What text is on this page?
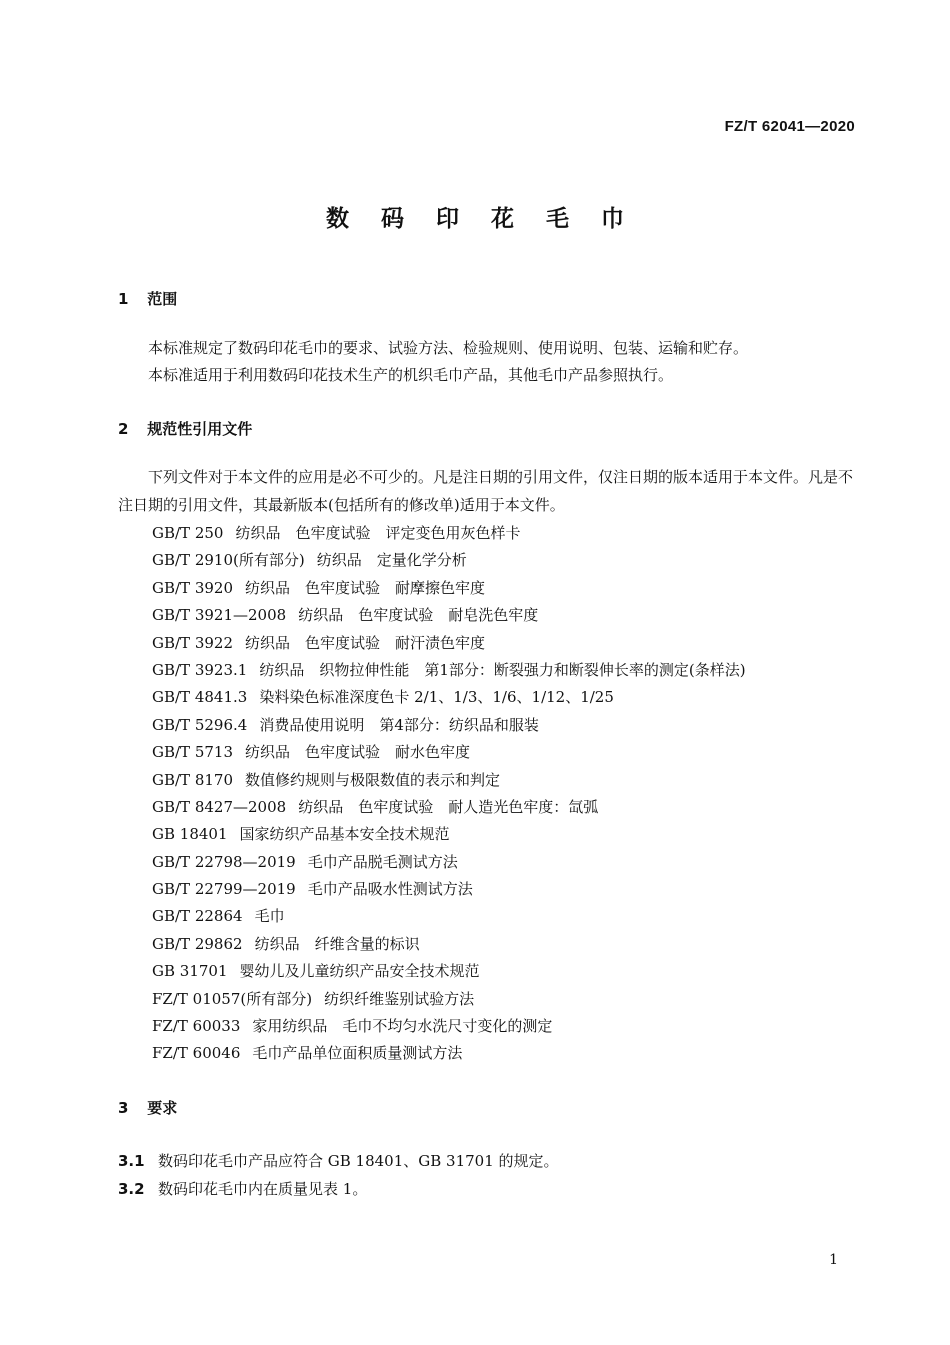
FZ/T 62041—2020
数 码 印 花 毛 巾
1 范围
本标准规定了数码印花毛巾的要求、试验方法、检验规则、使用说明、包装、运输和贮存。
本标准适用于利用数码印花技术生产的机织毛巾产品，其他毛巾产品参照执行。
2 规范性引用文件
下列文件对于本文件的应用是必不可少的。凡是注日期的引用文件，仅注日期的版本适用于本文件。凡是不注日期的引用文件，其最新版本(包括所有的修改单)适用于本文件。
GB/T 250 纺织品　色牢度试验　评定变色用灰色样卡
GB/T 2910(所有部分) 纺织品　定量化学分析
GB/T 3920 纺织品　色牢度试验　耐摩擦色牢度
GB/T 3921—2008 纺织品　色牢度试验　耐皂洗色牢度
GB/T 3922 纺织品　色牢度试验　耐汗渍色牢度
GB/T 3923.1 纺织品　织物拉伸性能　第1部分：断裂强力和断裂伸长率的测定(条样法)
GB/T 4841.3 染料染色标准深度色卡 2/1、1/3、1/6、1/12、1/25
GB/T 5296.4 消费品使用说明　第4部分：纺织品和服装
GB/T 5713 纺织品　色牢度试验　耐水色牢度
GB/T 8170 数值修约规则与极限数值的表示和判定
GB/T 8427—2008 纺织品　色牢度试验　耐人造光色牢度：氙弧
GB 18401 国家纺织产品基本安全技术规范
GB/T 22798—2019 毛巾产品脱毛测试方法
GB/T 22799—2019 毛巾产品吸水性测试方法
GB/T 22864 毛巾
GB/T 29862 纺织品　纤维含量的标识
GB 31701 婴幼儿及儿童纺织产品安全技术规范
FZ/T 01057(所有部分) 纺织纤维鉴别试验方法
FZ/T 60033 家用纺织品　毛巾不均匀水洗尺寸变化的测定
FZ/T 60046 毛巾产品单位面积质量测试方法
3 要求
3.1 数码印花毛巾产品应符合 GB 18401、GB 31701 的规定。
3.2 数码印花毛巾内在质量见表 1。
1
